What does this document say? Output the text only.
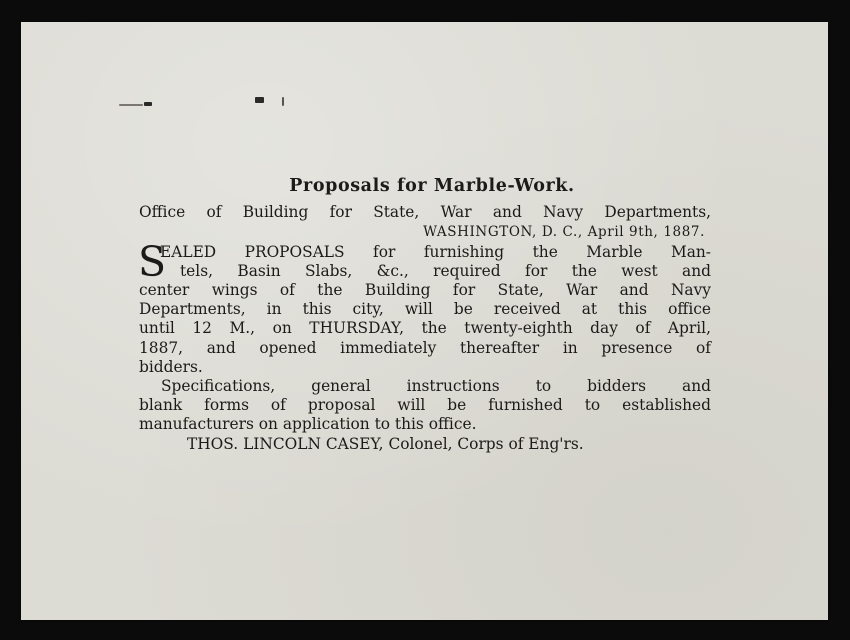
Proposals for Marble-Work.
Office of Building for State, War and Navy Departments,
WASHINGTON, D. C., April 9th, 1887.
S
EALED PROPOSALS for furnishing the Marble Man-
tels, Basin Slabs, &c., required for the west and
center wings of the Building for State, War and Navy
Departments, in this city, will be received at this office
until 12 M., on THURSDAY, the twenty-eighth day of April,
1887, and opened immediately thereafter in presence of
bidders.
Specifications, general instructions to bidders and
blank forms of proposal will be furnished to established
manufacturers on application to this office.
THOS. LINCOLN CASEY, Colonel, Corps of Eng'rs.
